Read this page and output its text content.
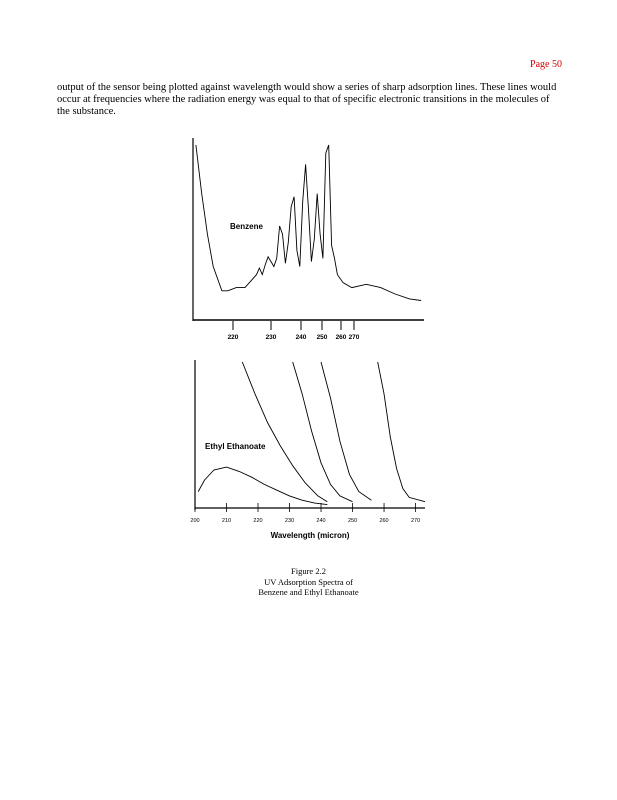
Page 50

output of the sensor being plotted against wavelength would show a series of sharp adsorption lines. These lines would occur at frequencies where the radiation energy was equal to that of specific electronic transitions in the molecules of the substance.

220	230	240 250 260 270
Benzene
200	210	220	230	240	250	260	270
Ethyl Ethanoate
Wavelength (micron)
Figure 2.2
UV Adsorption Spectra of
Benzene and Ethyl Ethanoate
